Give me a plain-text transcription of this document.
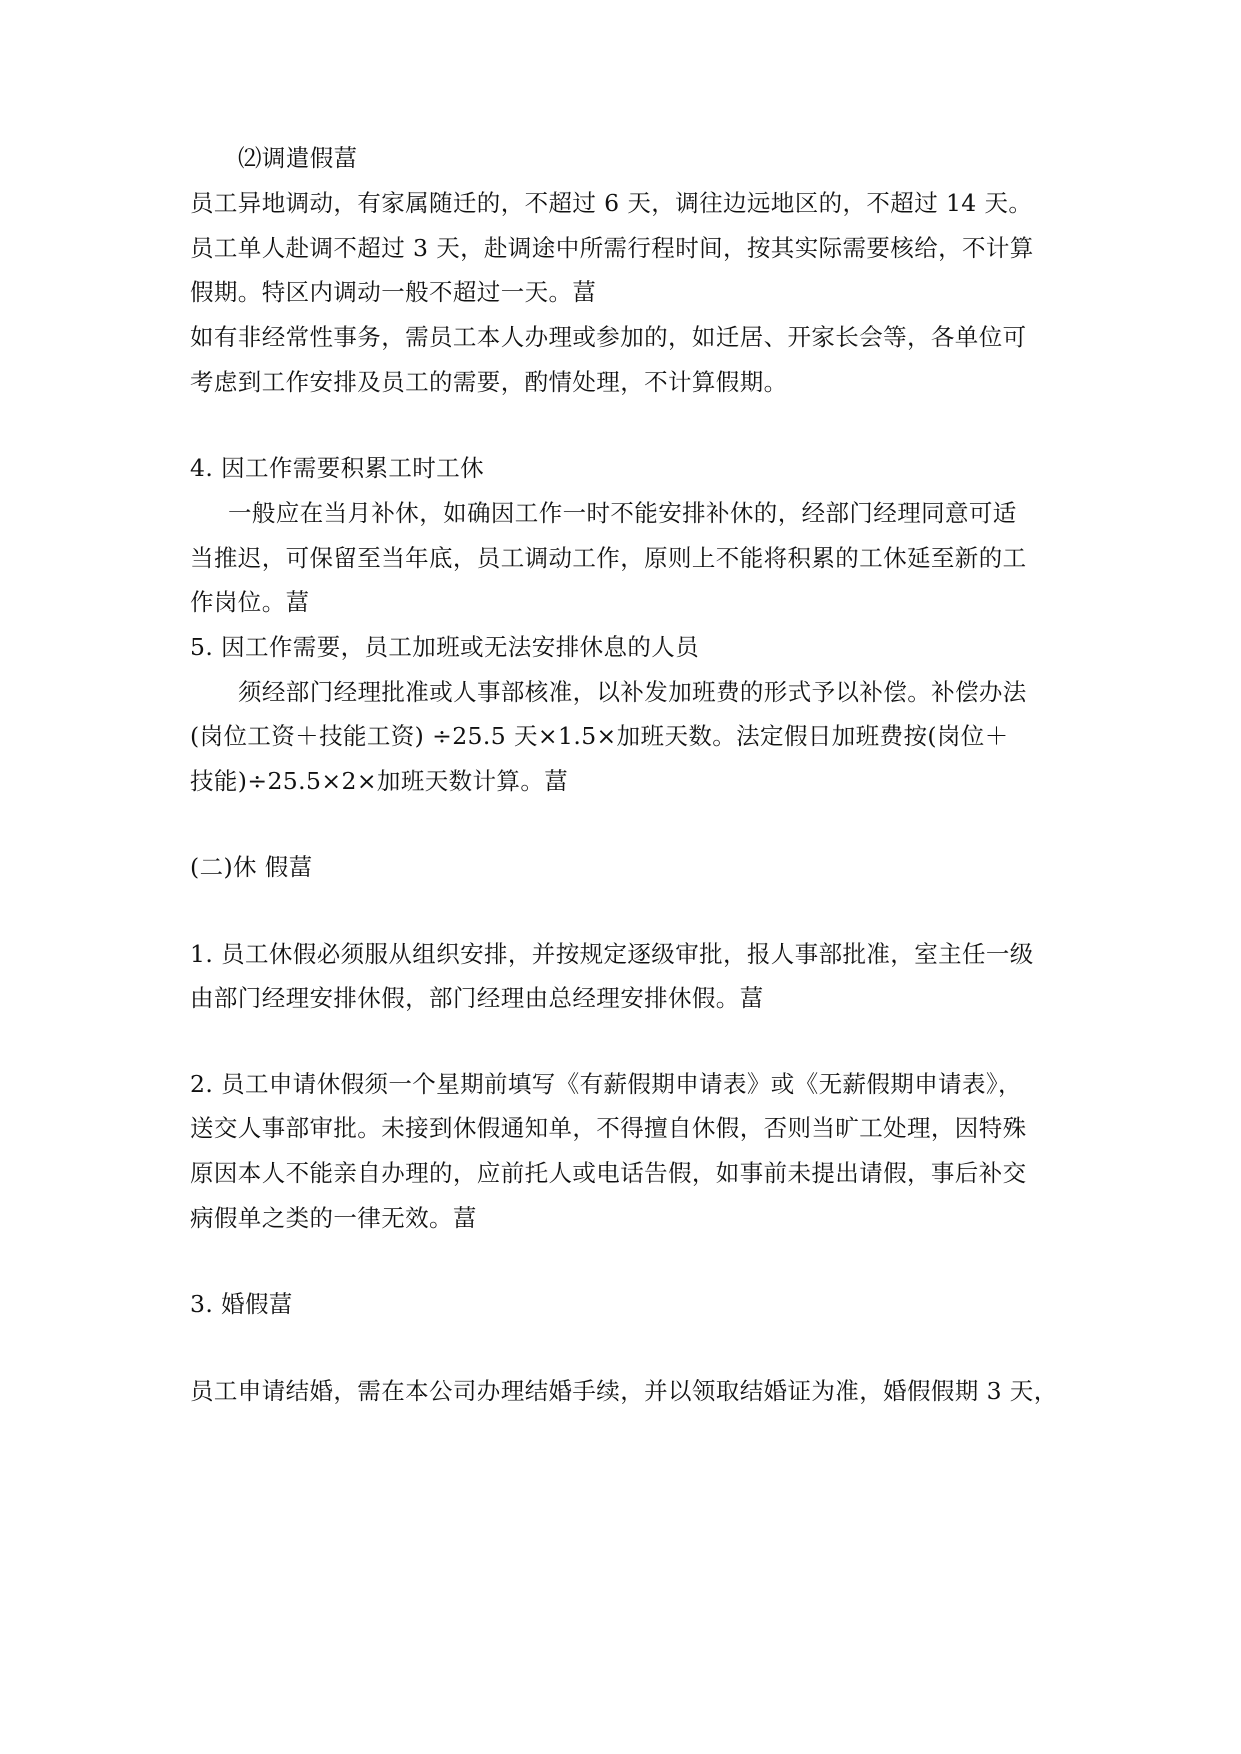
⑵调遣假葍
员工异地调动，有家属随迁的，不超过 6 天，调往边远地区的，不超过 14 天。
员工单人赴调不超过 3 天，赴调途中所需行程时间，按其实际需要核给，不计算
假期。特区内调动一般不超过一天。葍
如有非经常性事务，需员工本人办理或参加的，如迁居、开家长会等，各单位可
考虑到工作安排及员工的需要，酌情处理，不计算假期。
4. 因工作需要积累工时工休
一般应在当月补休，如确因工作一时不能安排补休的，经部门经理同意可适
当推迟，可保留至当年底，员工调动工作，原则上不能将积累的工休延至新的工
作岗位。葍
5. 因工作需要，员工加班或无法安排休息的人员
须经部门经理批准或人事部核准，以补发加班费的形式予以补偿。补偿办法
(岗位工资＋技能工资) ÷25.5 天×1.5×加班天数。法定假日加班费按(岗位＋
技能)÷25.5×2×加班天数计算。葍
(二)休 假葍
1. 员工休假必须服从组织安排，并按规定逐级审批，报人事部批准，室主任一级
由部门经理安排休假，部门经理由总经理安排休假。葍
2. 员工申请休假须一个星期前填写《有薪假期申请表》或《无薪假期申请表》，
送交人事部审批。未接到休假通知单，不得擅自休假，否则当旷工处理，因特殊
原因本人不能亲自办理的，应前托人或电话告假，如事前未提出请假，事后补交
病假单之类的一律无效。葍
3. 婚假葍
员工申请结婚，需在本公司办理结婚手续，并以领取结婚证为准，婚假假期 3 天，
